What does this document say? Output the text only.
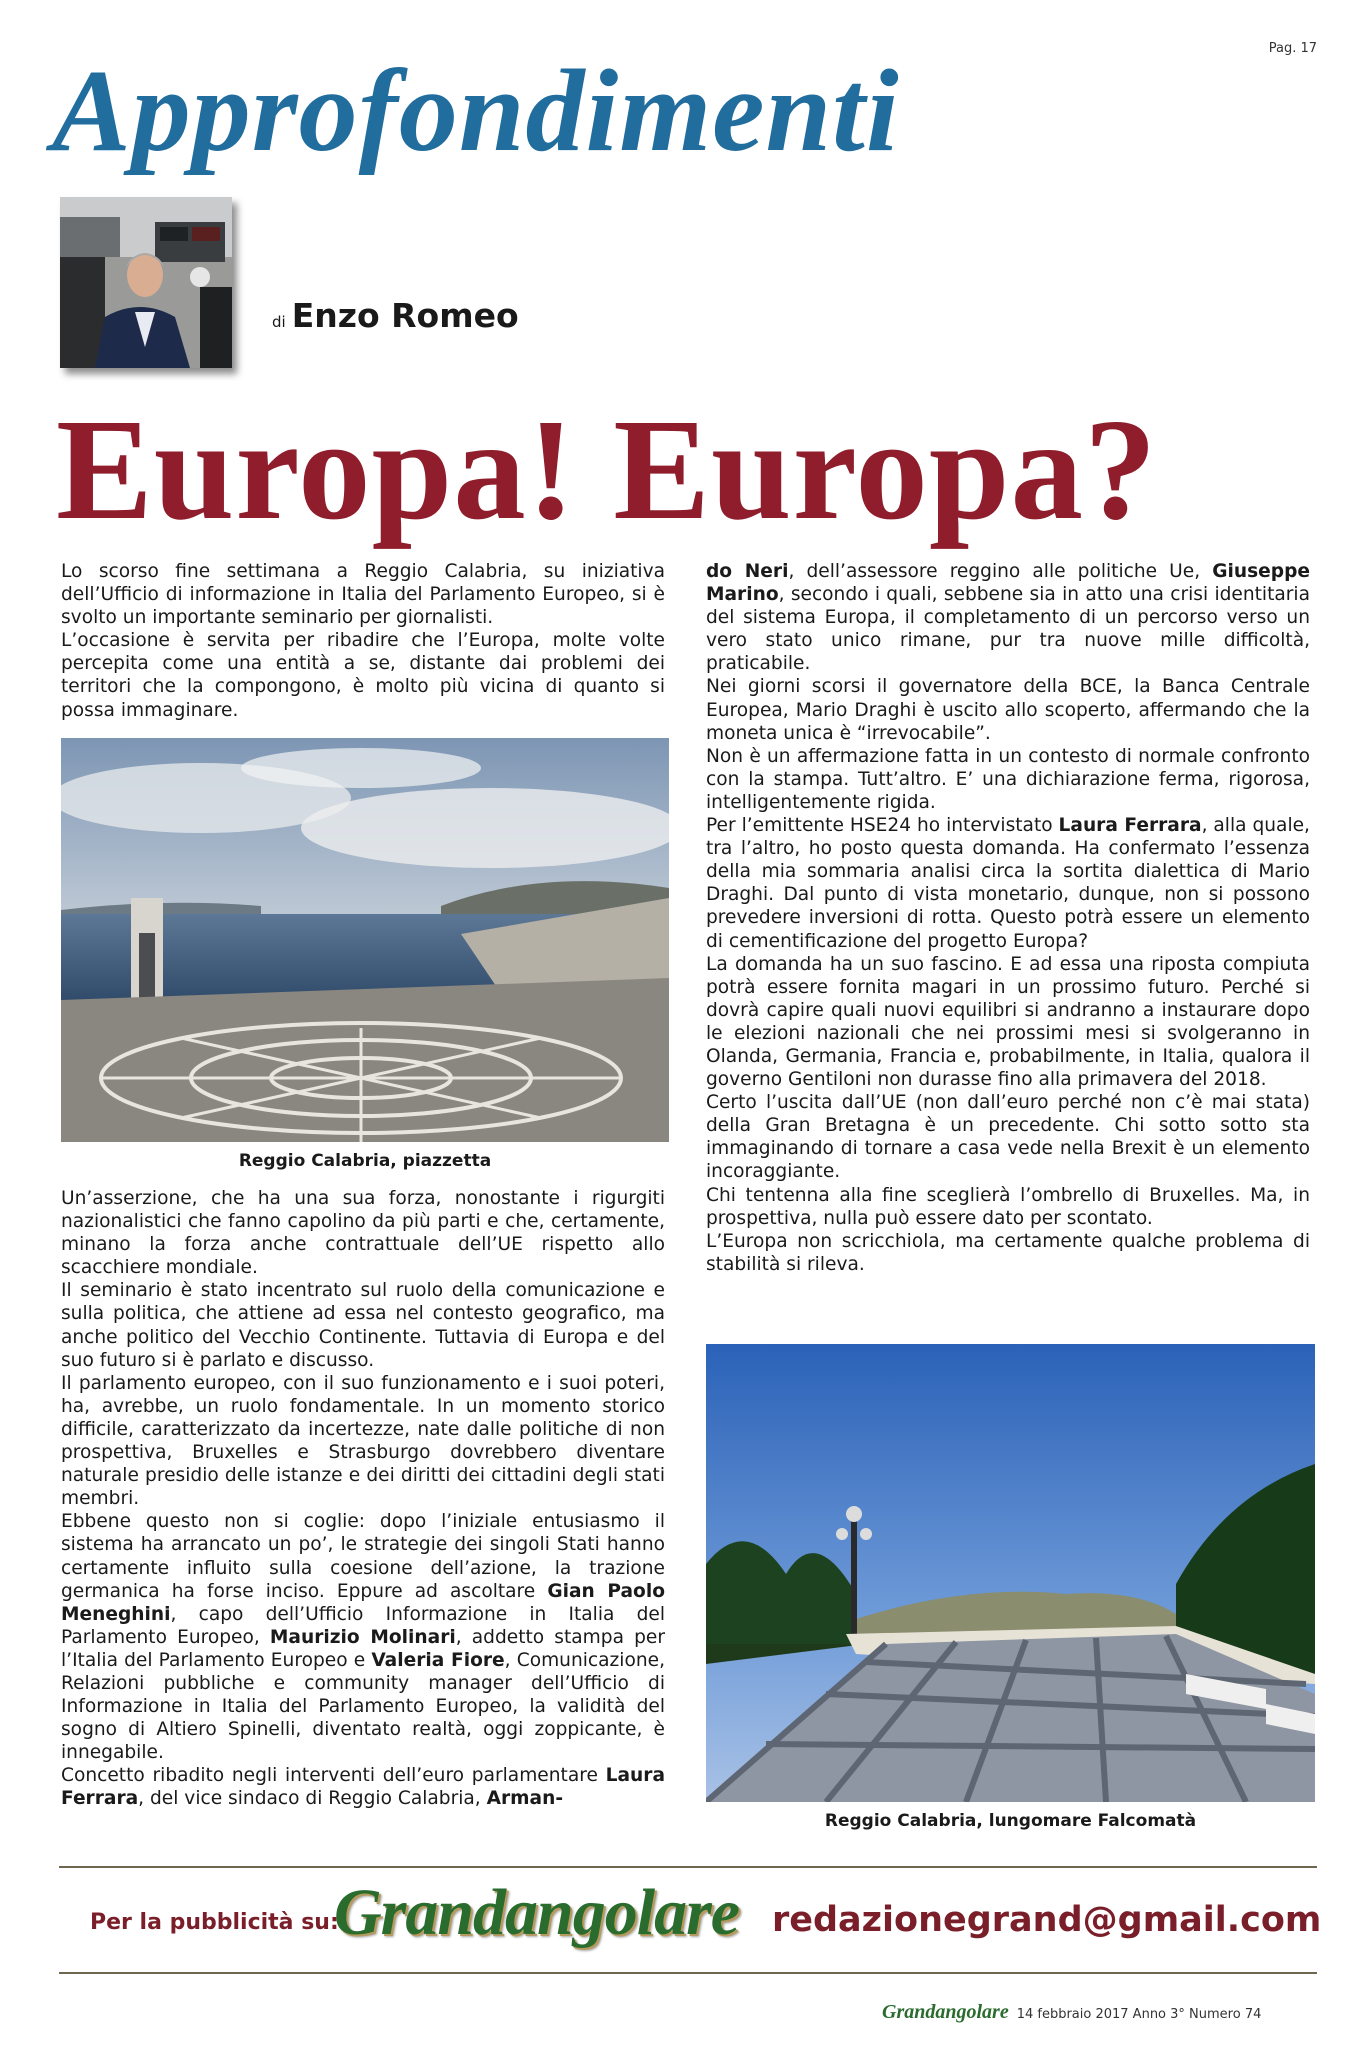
Pag. 17
Approfondimenti
di Enzo Romeo
Europa! Europa?

Lo scorso fine settimana a Reggio Calabria, su iniziativa dell’Ufficio di informazione in Italia del Parlamento Europeo, si è svolto un importante seminario per giornalisti.

L’occasione è servita per ribadire che l’Europa, molte volte percepita come una entità a se, distante dai problemi dei territori che la compongono, è molto più vicina di quanto si possa immaginare.

Reggio Calabria, piazzetta

Un’asserzione, che ha una sua forza, nonostante i rigurgiti nazionalistici che fanno capolino da più parti e che, certamente, minano la forza anche contrattuale dell’UE rispetto allo scacchiere mondiale.

Il seminario è stato incentrato sul ruolo della comunicazione e sulla politica, che attiene ad essa nel contesto geografico, ma anche politico del Vecchio Continente. Tuttavia di Europa e del suo futuro si è parlato e discusso.

Il parlamento europeo, con il suo funzionamento e i suoi poteri, ha, avrebbe, un ruolo fondamentale. In un momento storico difficile, caratterizzato da incertezze, nate dalle politiche di non prospettiva, Bruxelles e Strasburgo dovrebbero diventare naturale presidio delle istanze e dei diritti dei cittadini degli stati membri.

Ebbene questo non si coglie: dopo l’iniziale entusiasmo il sistema ha arrancato un po’, le strategie dei singoli Stati hanno certamente influito sulla coesione dell’azione, la trazione germanica ha forse inciso. Eppure ad ascoltare Gian Paolo Meneghini, capo dell’Ufficio Informazione in Italia del Parlamento Europeo, Maurizio Molinari, addetto stampa per l’Italia del Parlamento Europeo e Valeria Fiore, Comunicazione, Relazioni pubbliche e community manager dell’Ufficio di Informazione in Italia del Parlamento Europeo, la validità del sogno di Altiero Spinelli, diventato realtà, oggi zoppicante, è innegabile.

Concetto ribadito negli interventi dell’euro parlamentare Laura Ferrara, del vice sindaco di Reggio Calabria, Arman-

do Neri, dell’assessore reggino alle politiche Ue, Giuseppe Marino, secondo i quali, sebbene sia in atto una crisi identitaria del sistema Europa, il completamento di un percorso verso un vero stato unico rimane, pur tra nuove mille difficoltà, praticabile.

Nei giorni scorsi il governatore della BCE, la Banca Centrale Europea, Mario Draghi è uscito allo scoperto, affermando che la moneta unica è “irrevocabile”.

Non è un affermazione fatta in un contesto di normale confronto con la stampa. Tutt’altro. E’ una dichiarazione ferma, rigorosa, intelligentemente rigida.

Per l’emittente HSE24 ho intervistato Laura Ferrara, alla quale, tra l’altro, ho posto questa domanda. Ha confermato l’essenza della mia sommaria analisi circa la sortita dialettica di Mario Draghi. Dal punto di vista monetario, dunque, non si possono prevedere inversioni di rotta. Questo potrà essere un elemento di cementificazione del progetto Europa?

La domanda ha un suo fascino. E ad essa una riposta compiuta potrà essere fornita magari in un prossimo futuro. Perché si dovrà capire quali nuovi equilibri si andranno a instaurare dopo le elezioni nazionali che nei prossimi mesi si svolgeranno in Olanda, Germania, Francia e, probabilmente, in Italia, qualora il governo Gentiloni non durasse fino alla primavera del 2018.

Certo l’uscita dall’UE (non dall’euro perché non c’è mai stata) della Gran Bretagna è un precedente. Chi sotto sotto sta immaginando di tornare a casa vede nella Brexit è un elemento incoraggiante.

Chi tentenna alla fine sceglierà l’ombrello di Bruxelles. Ma, in prospettiva, nulla può essere dato per scontato.

L’Europa non scricchiola, ma certamente qualche problema di stabilità si rileva.

Reggio Calabria, lungomare Falcomatà
Per la pubblicità su:
Grandangolare redazionegrand@gmail.com
Grandangolare 14 febbraio 2017 Anno 3° Numero 74
